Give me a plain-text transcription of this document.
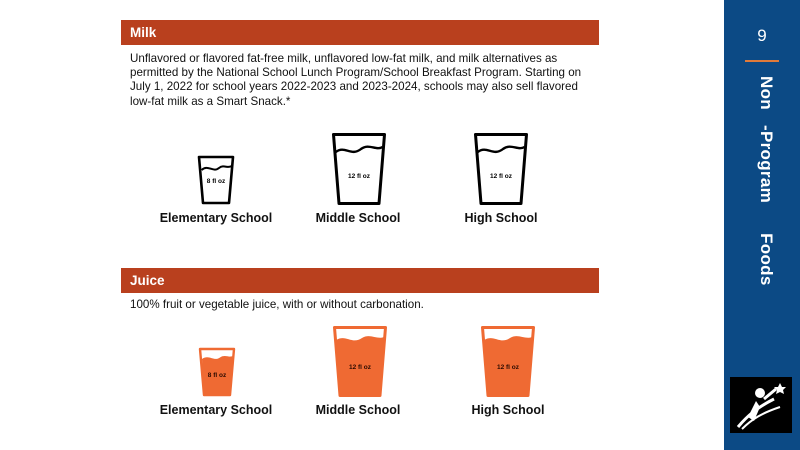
Milk
Unflavored or flavored fat-free milk, unflavored low-fat milk, and milk alternatives as permitted by the National School Lunch Program/School Breakfast Program. Starting on July 1, 2022 for school years 2022-2023 and 2023-2024, schools may also sell flavored low-fat milk as a Smart Snack.*
8 fl oz
12 fl oz	12 fl oz
Elementary School	Middle School	High School
Juice
100% fruit or vegetable juice, with or without carbonation.
8 fl oz
12 fl oz	12 fl oz
Elementary School	Middle School	High School
9
Non   -Program      Foods
